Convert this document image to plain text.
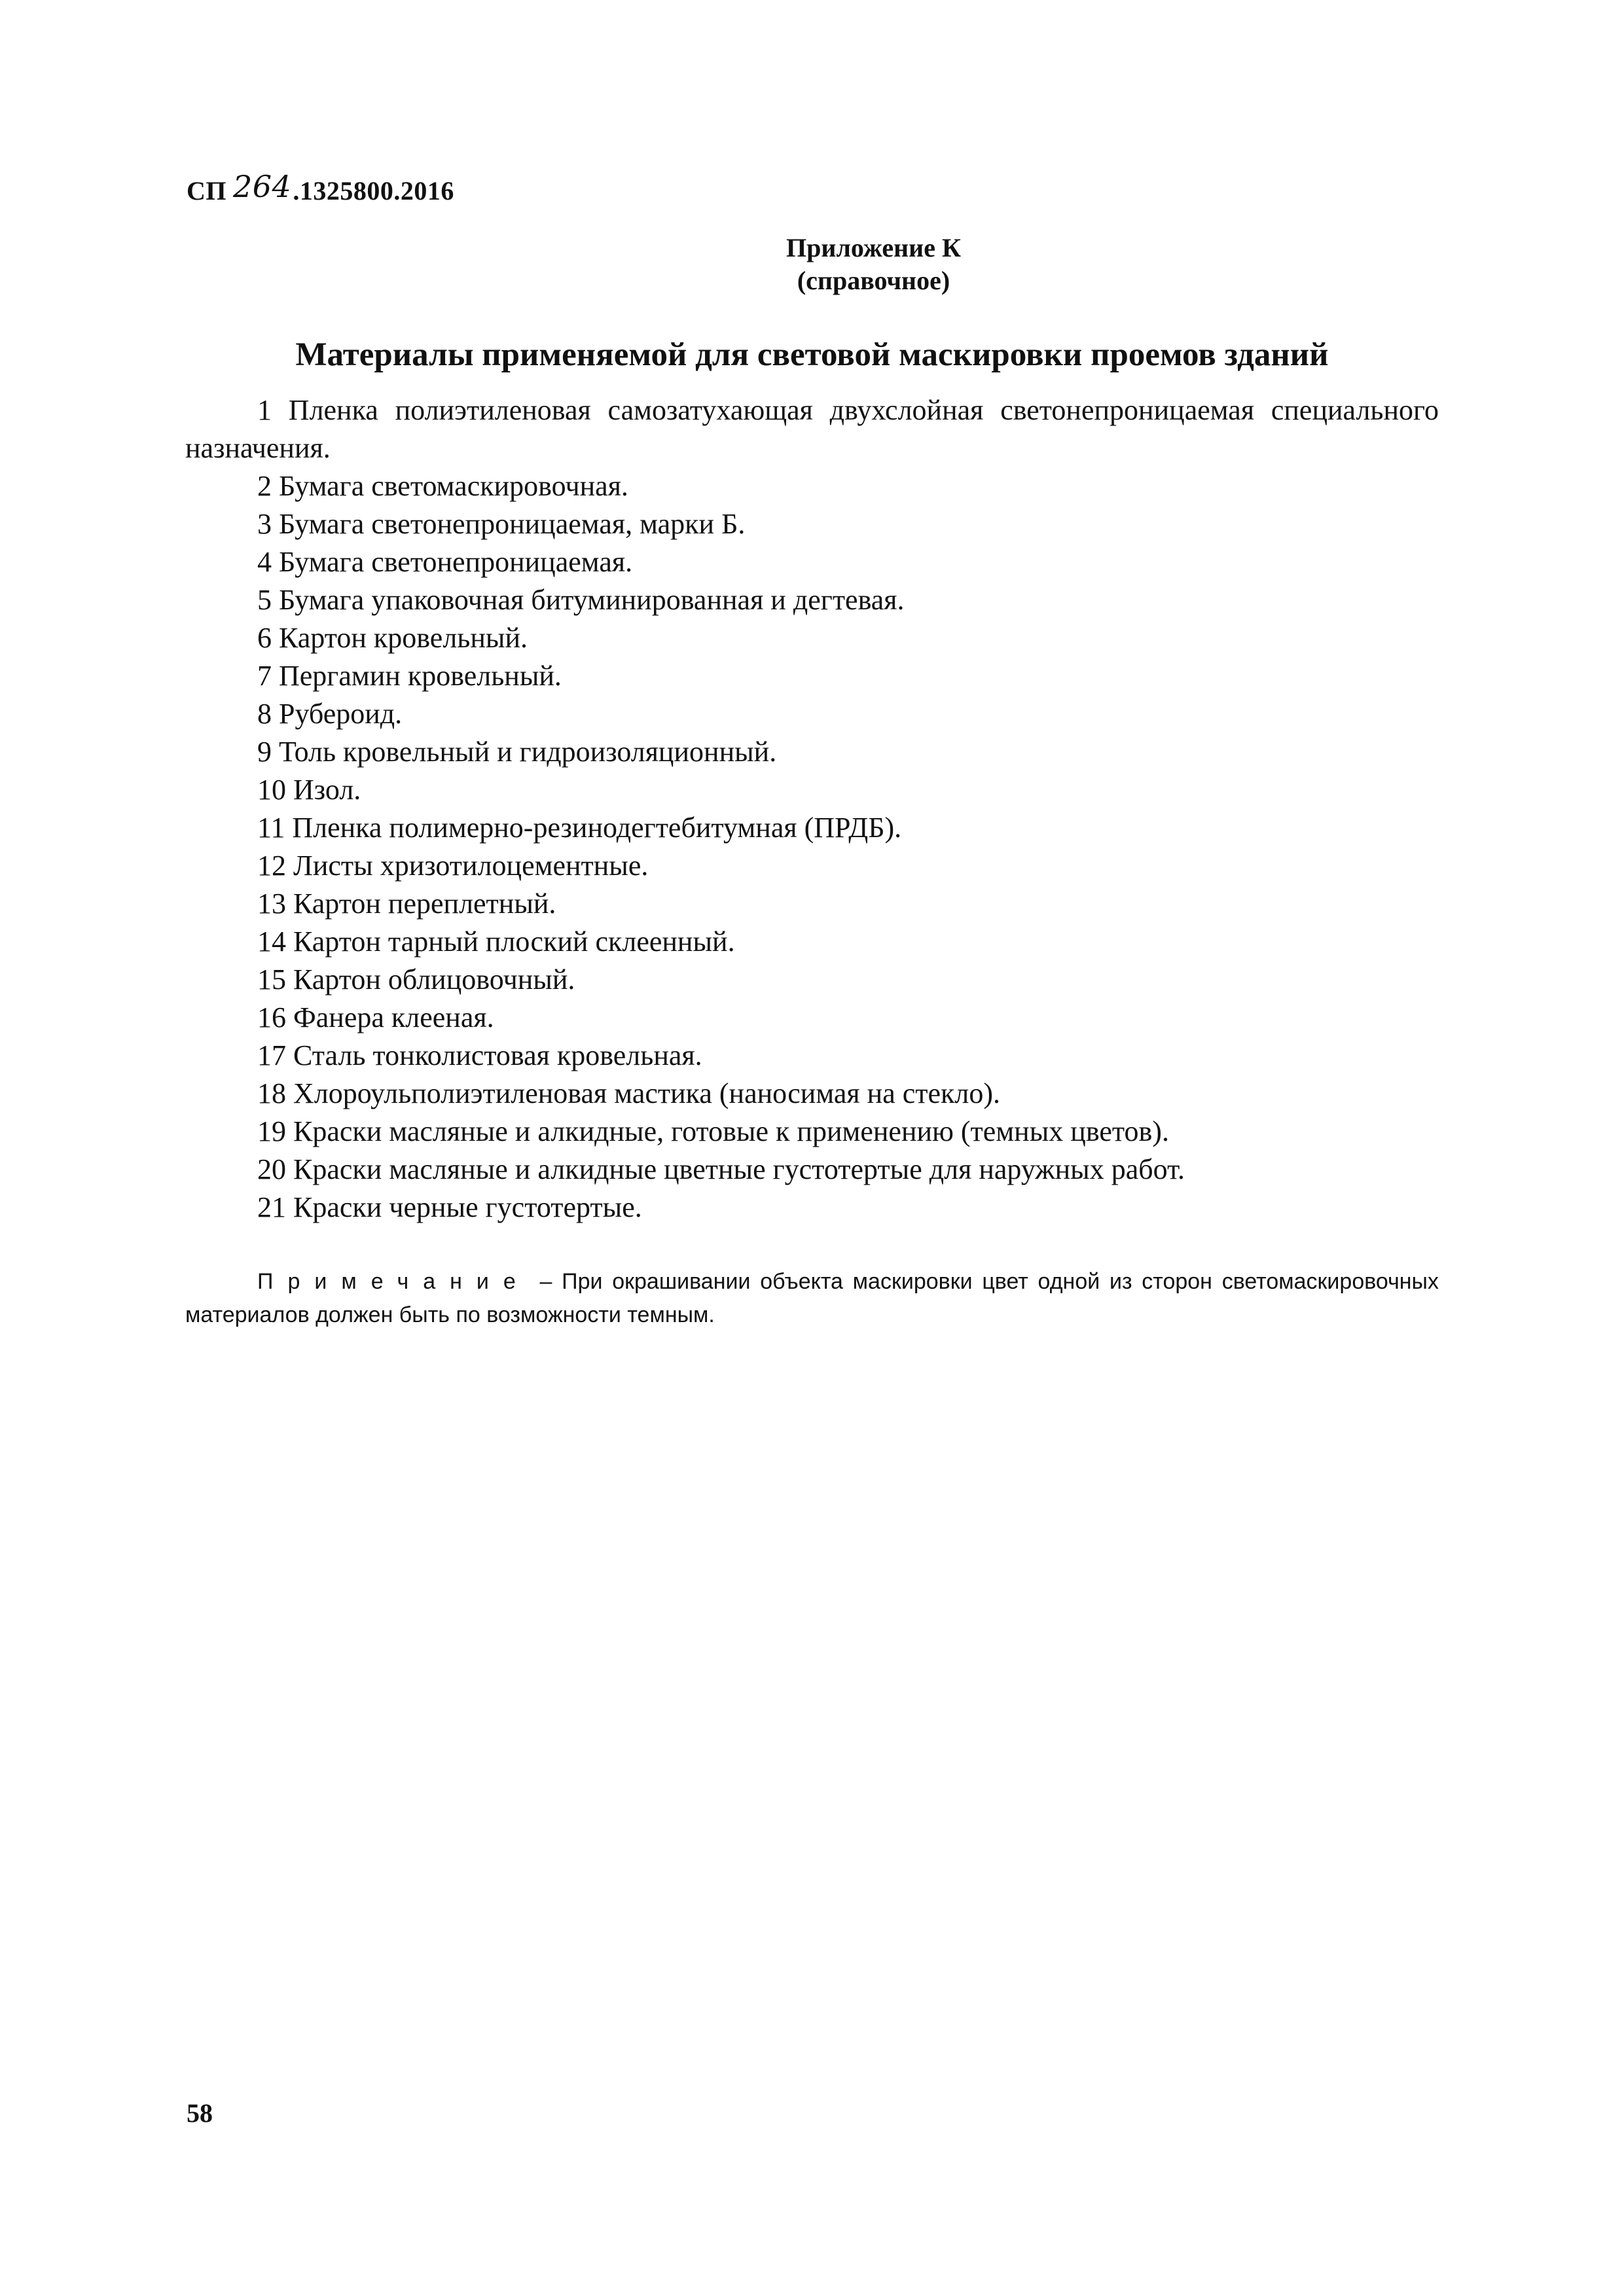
СП 264.1325800.2016
Приложение К
(справочное)
Материалы применяемой для световой маскировки проемов зданий
1 Пленка полиэтиленовая самозатухающая двухслойная светонепроницаемая специального назначения.
2 Бумага светомаскировочная.
3 Бумага светонепроницаемая, марки Б.
4 Бумага светонепроницаемая.
5 Бумага упаковочная битуминированная и дегтевая.
6 Картон кровельный.
7 Пергамин кровельный.
8 Рубероид.
9 Толь кровельный и гидроизоляционный.
10 Изол.
11 Пленка полимерно-резинодегтебитумная (ПРДБ).
12 Листы хризотилоцементные.
13 Картон переплетный.
14 Картон тарный плоский склеенный.
15 Картон облицовочный.
16 Фанера клееная.
17 Сталь тонколистовая кровельная.
18 Хлороульполиэтиленовая мастика (наносимая на стекло).
19 Краски масляные и алкидные, готовые к применению (темных цветов).
20 Краски масляные и алкидные цветные густотертые для наружных работ.
21 Краски черные густотертые.
Примечание – При окрашивании объекта маскировки цвет одной из сторон светомаскировочных материалов должен быть по возможности темным.
58
